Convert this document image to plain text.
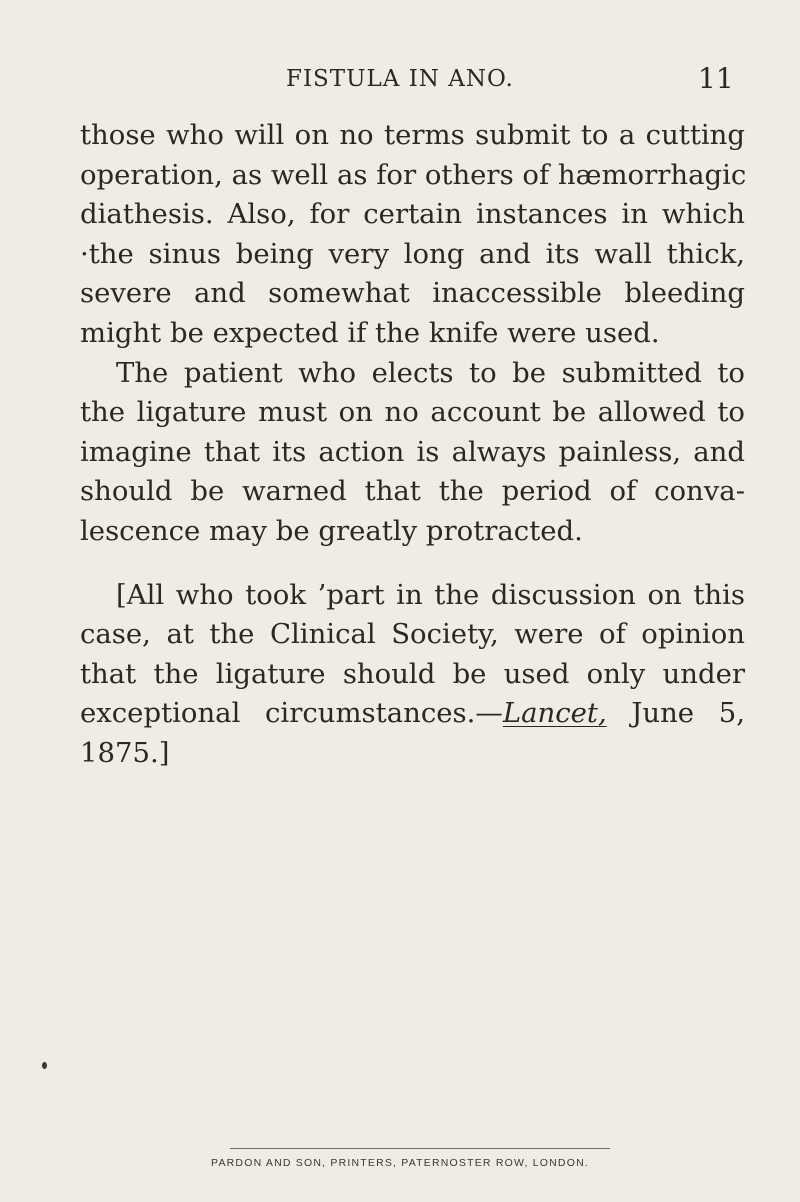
FISTULA IN ANO.	11
those who will on no terms submit to a cutting
operation, as well as for others of hæmorrhagic
diathesis. Also, for certain instances in which
·the sinus being very long and its wall thick,
severe and somewhat inaccessible bleeding
might be expected if the knife were used.
The patient who elects to be submitted to
the ligature must on no account be allowed to
imagine that its action is always painless, and
should be warned that the period of conva-
lescence may be greatly protracted.
[All who took ’part in the discussion on this
case, at the Clinical Society, were of opinion
that the ligature should be used only under
exceptional circumstances.—Lancet, June 5,
1875.]
PARDON AND SON, PRINTERS, PATERNOSTER ROW, LONDON.
